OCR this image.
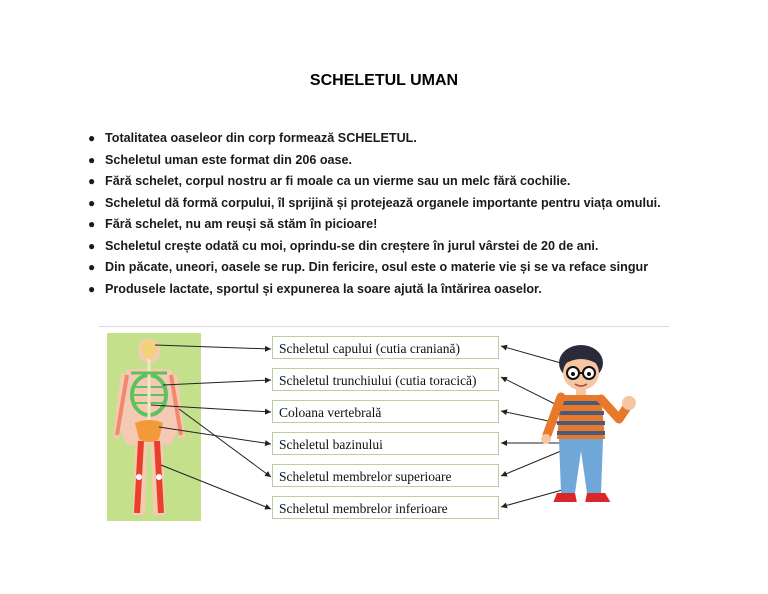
SCHELETUL UMAN
● Totalitatea oaseleor din corp formează SCHELETUL.
● Scheletul uman este format din 206 oase.
● Fără schelet, corpul nostru ar fi moale ca un vierme sau un melc fără cochilie.
● Scheletul dă formă corpului, îl sprijină și protejează organele importante pentru viața omului.
● Fără schelet, nu am reuși să stăm în picioare!
● Scheletul crește odată cu moi, oprindu-se din creștere în jurul vârstei de 20 de ani.
● Din păcate, uneori, oasele se rup. Din fericire, osul este o materie vie și se va reface singur
● Produsele lactate, sportul și expunerea la soare ajută la întărirea oaselor.
Scheletul capului (cutia craniană)
Scheletul trunchiului (cutia toracică)
Coloana vertebrală
Scheletul bazinului
Scheletul membrelor superioare
Scheletul membrelor inferioare
